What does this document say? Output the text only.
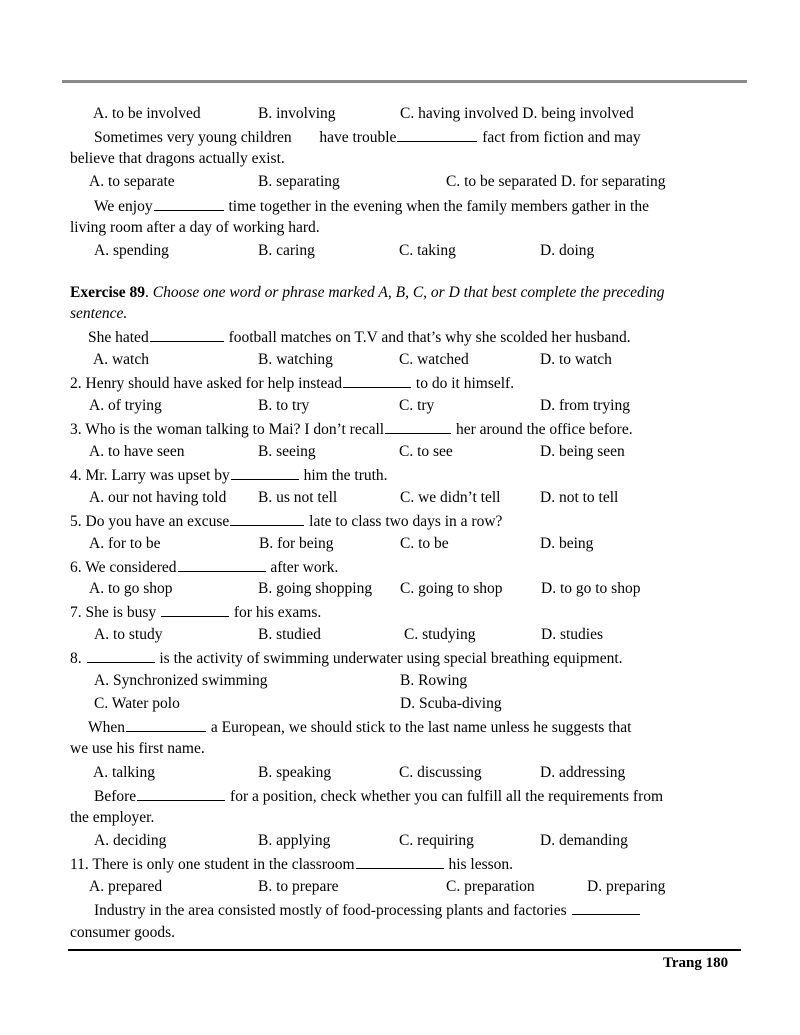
A. to be involved	B. involving	C. having involved D. being involved
Sometimes very young children have trouble	fact from fiction and may
believe that dragons actually exist.
A. to separate	B. separating	C. to be separated D. for separating
We enjoy	time together in the evening when the family members gather in the
living room after a day of working hard.
A. spending	B. caring	C. taking	D. doing
Exercise 89. Choose one word or phrase marked A, B, C, or D that best complete the preceding
sentence.
She hated	football matches on T.V and that’s why she scolded her husband.
A. watch	B. watching	C. watched	D. to watch
2. Henry should have asked for help instead	to do it himself.
A. of trying	B. to try	C. try	D. from trying
3. Who is the woman talking to Mai? I don’t recall	her around the office before.
A. to have seen	B. seeing	C. to see	D. being seen
4. Mr. Larry was upset by	him the truth.
A. our not having told B. us not tell	C. we didn’t tell	D. not to tell
5. Do you have an excuse	late to class two days in a row?
A. for to be	B. for being	C. to be	D. being
6. We considered	after work.
A. to go shop	B. going shopping C. going to shop D. to go to shop
7. She is busy	for his exams.
A. to study	B. studied	C. studying	D. studies
8.	is the activity of swimming underwater using special breathing equipment.
A. Synchronized swimming	B. Rowing
C. Water polo	D. Scuba-diving
When	a European, we should stick to the last name unless he suggests that
we use his first name.
A. talking	B. speaking	C. discussing	D. addressing
Before	for a position, check whether you can fulfill all the requirements from
the employer.
A. deciding	B. applying	C. requiring	D. demanding
11. There is only one student in the classroom	his lesson.
A. prepared	B. to prepare	C. preparation	D. preparing
Industry in the area consisted mostly of food-processing plants and factories
consumer goods.
Trang 180
